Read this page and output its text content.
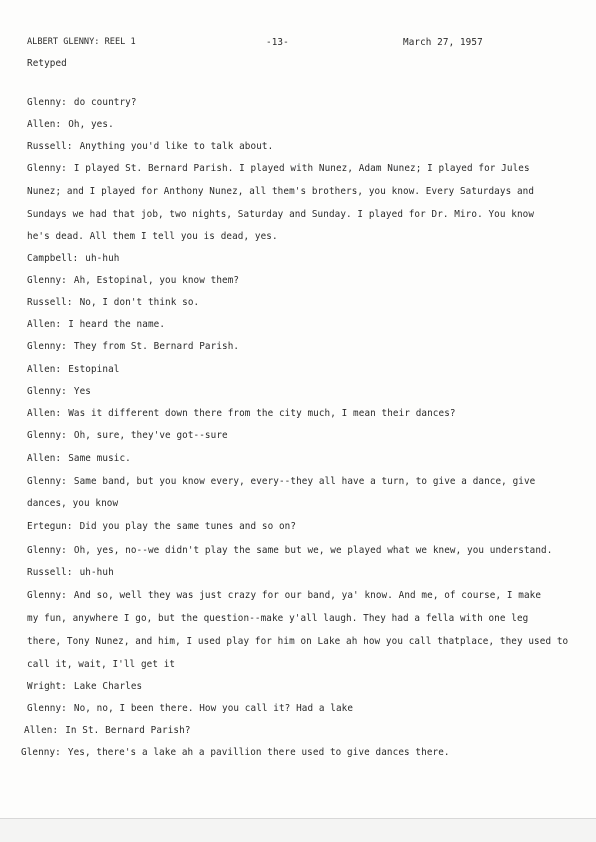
ALBERT GLENNY: REEL 1	-13-	March 27, 1957
Retyped
Glenny: do country?
Allen: Oh, yes.
Russell: Anything you'd like to talk about.
Glenny: I played St. Bernard Parish. I played with Nunez, Adam Nunez; I played for Jules
Nunez; and I played for Anthony Nunez, all them's brothers, you know. Every Saturdays and
Sundays we had that job, two nights, Saturday and Sunday. I played for Dr. Miro. You know
he's dead. All them I tell you is dead, yes.
Campbell: uh-huh
Glenny: Ah, Estopinal, you know them?
Russell: No, I don't think so.
Allen: I heard the name.
Glenny: They from St. Bernard Parish.
Allen: Estopinal
Glenny: Yes
Allen: Was it different down there from the city much, I mean their dances?
Glenny: Oh, sure, they've got--sure
Allen: Same music.
Glenny: Same band, but you know every, every--they all have a turn, to give a dance, give
dances, you know
Ertegun: Did you play the same tunes and so on?
Glenny: Oh, yes, no--we didn't play the same but we, we played what we knew, you understand.
Russell: uh-huh
Glenny: And so, well they was just crazy for our band, ya' know. And me, of course, I make
my fun, anywhere I go, but the question--make y'all laugh. They had a fella with one leg
there, Tony Nunez, and him, I used play for him on Lake ah how you call thatplace, they used to
call it, wait, I'll get it
Wright: Lake Charles
Glenny: No, no, I been there. How you call it? Had a lake
Allen: In St. Bernard Parish?
Glenny: Yes, there's a lake ah a pavillion there used to give dances there.
